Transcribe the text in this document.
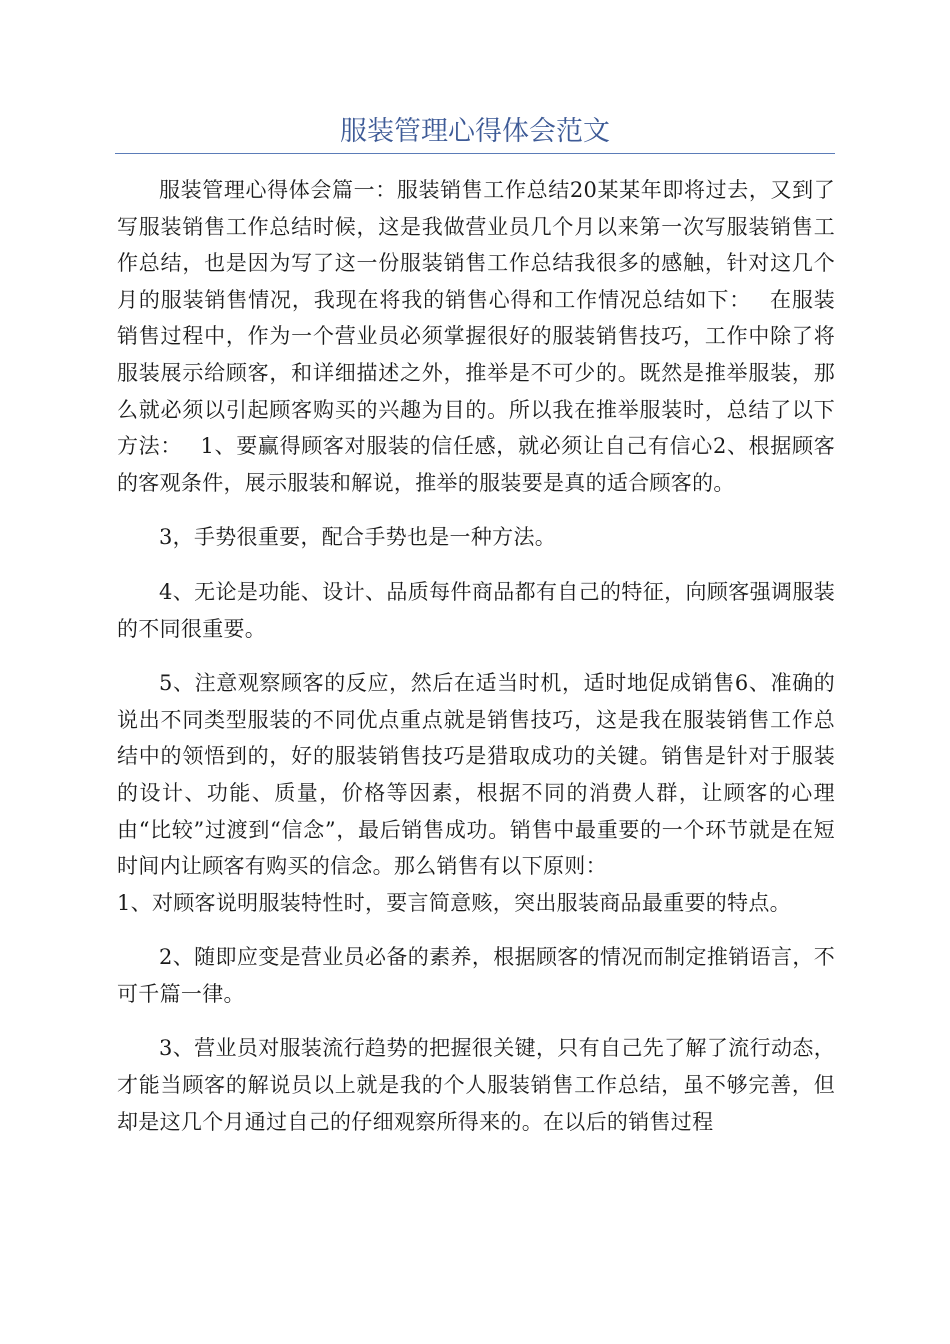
服装管理心得体会范文

服装管理心得体会篇一：服装销售工作总结20某某年即将过去，又到了写服装销售工作总结时候，这是我做营业员几个月以来第一次写服装销售工作总结，也是因为写了这一份服装销售工作总结我很多的感触，针对这几个月的服装销售情况，我现在将我的销售心得和工作情况总结如下：　 在服装销售过程中，作为一个营业员必须掌握很好的服装销售技巧，工作中除了将服装展示给顾客，和详细描述之外，推举是不可少的。既然是推举服装，那么就必须以引起顾客购买的兴趣为目的。所以我在推举服装时，总结了以下方法：　 1、要赢得顾客对服装的信任感，就必须让自己有信心2、根据顾客的客观条件，展示服装和解说，推举的服装要是真的适合顾客的。

3，手势很重要，配合手势也是一种方法。

4、无论是功能、设计、品质每件商品都有自己的特征，向顾客强调服装的不同很重要。

5、注意观察顾客的反应，然后在适当时机，适时地促成销售6、准确的说出不同类型服装的不同优点重点就是销售技巧，这是我在服装销售工作总结中的领悟到的，好的服装销售技巧是猎取成功的关键。销售是针对于服装的设计、功能、质量，价格等因素，根据不同的消费人群，让顾客的心理由“比较”过渡到“信念”，最后销售成功。销售中最重要的一个环节就是在短时间内让顾客有购买的信念。那么销售有以下原则：

1、对顾客说明服装特性时，要言简意赅，突出服装商品最重要的特点。

2、随即应变是营业员必备的素养，根据顾客的情况而制定推销语言，不可千篇一律。

3、营业员对服装流行趋势的把握很关键，只有自己先了解了流行动态，才能当顾客的解说员以上就是我的个人服装销售工作总结，虽不够完善，但却是这几个月通过自己的仔细观察所得来的。在以后的销售过程
